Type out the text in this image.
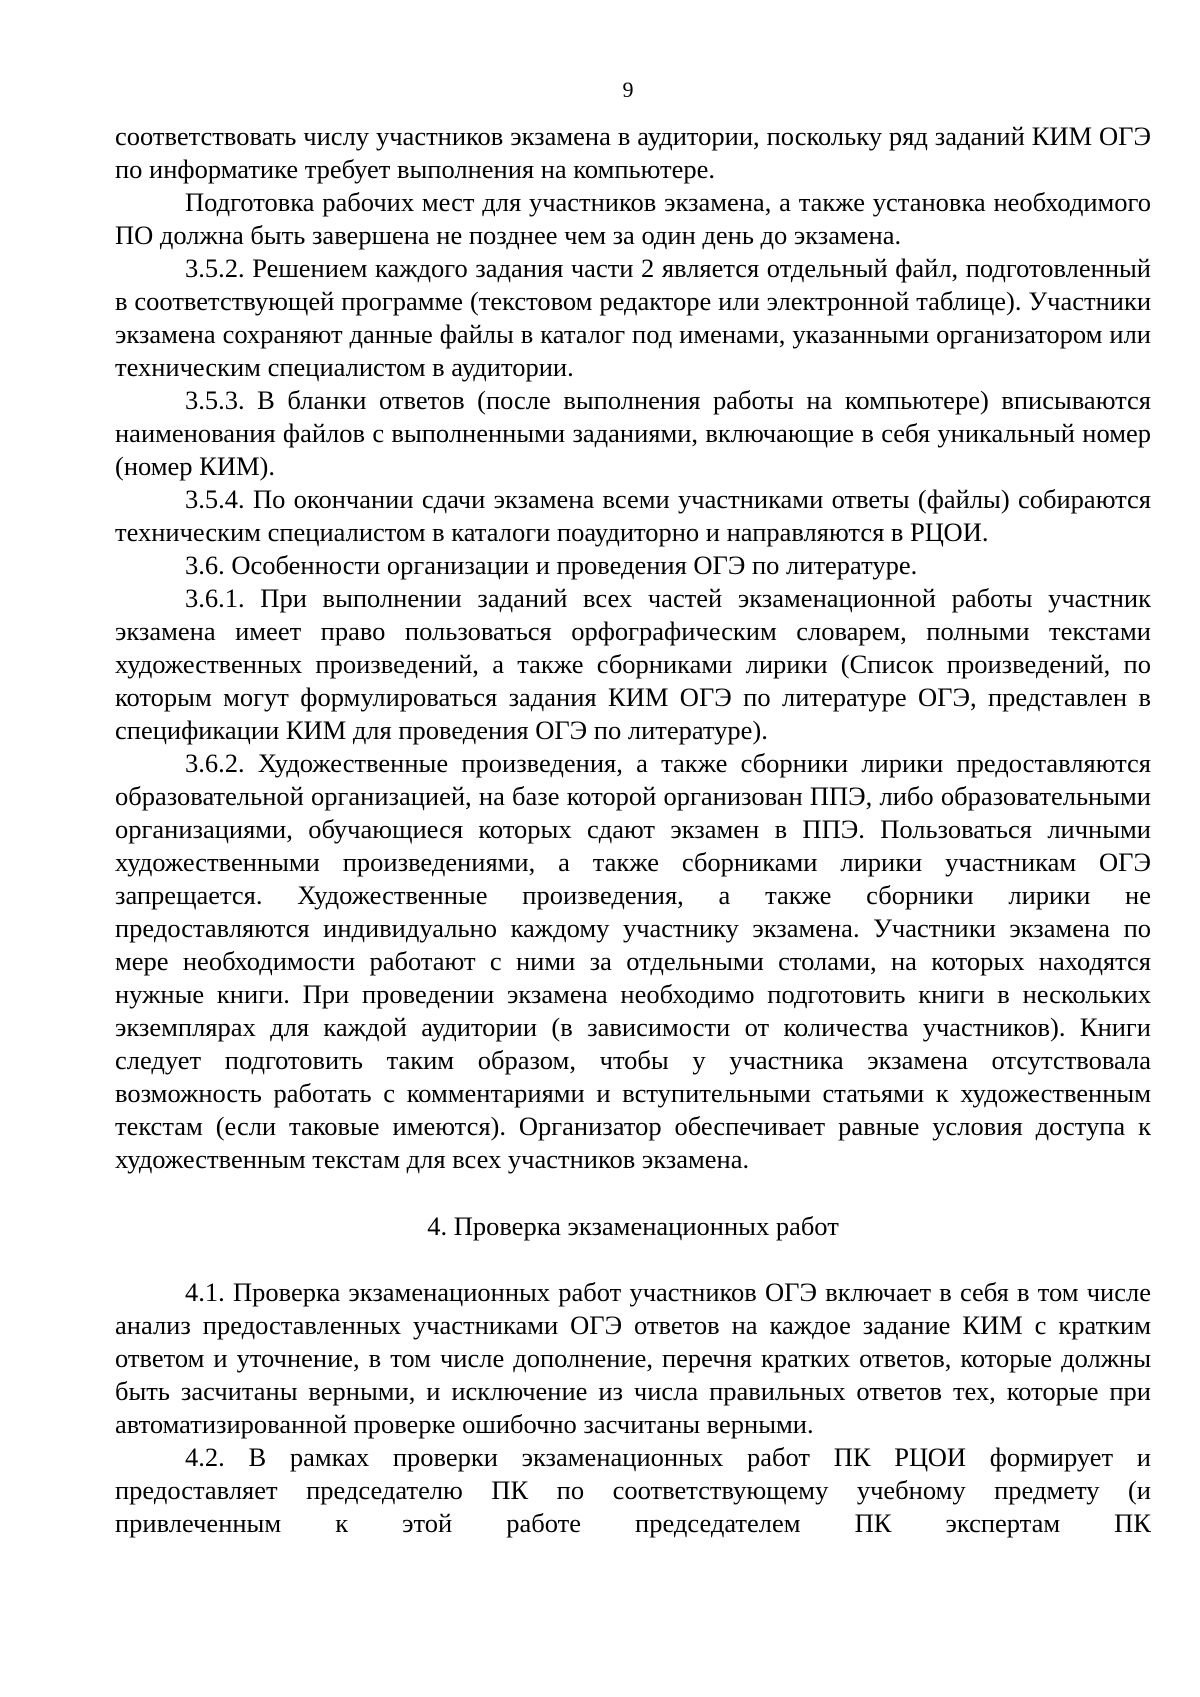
9

соответствовать числу участников экзамена в аудитории, поскольку ряд заданий КИМ ОГЭ по информатике требует выполнения на компьютере.

Подготовка рабочих мест для участников экзамена, а также установка необходимого ПО должна быть завершена не позднее чем за один день до экзамена.

3.5.2. Решением каждого задания части 2 является отдельный файл, подготовленный в соответствующей программе (текстовом редакторе или электронной таблице). Участники экзамена сохраняют данные файлы в каталог под именами, указанными организатором или техническим специалистом в аудитории.

3.5.3. В бланки ответов (после выполнения работы на компьютере) вписываются наименования файлов с выполненными заданиями, включающие в себя уникальный номер (номер КИМ).

3.5.4. По окончании сдачи экзамена всеми участниками ответы (файлы) собираются техническим специалистом в каталоги поаудиторно и направляются в РЦОИ.

3.6. Особенности организации и проведения ОГЭ по литературе.

3.6.1. При выполнении заданий всех частей экзаменационной работы участник экзамена имеет право пользоваться орфографическим словарем, полными текстами художественных произведений, а также сборниками лирики (Список произведений, по которым могут формулироваться задания КИМ ОГЭ по литературе ОГЭ, представлен в спецификации КИМ для проведения ОГЭ по литературе).

3.6.2. Художественные произведения, а также сборники лирики предоставляются образовательной организацией, на базе которой организован ППЭ, либо образовательными организациями, обучающиеся которых сдают экзамен в ППЭ. Пользоваться личными художественными произведениями, а также сборниками лирики участникам ОГЭ запрещается. Художественные произведения, а также сборники лирики не предоставляются индивидуально каждому участнику экзамена. Участники экзамена по мере необходимости работают с ними за отдельными столами, на которых находятся нужные книги. При проведении экзамена необходимо подготовить книги в нескольких экземплярах для каждой аудитории (в зависимости от количества участников). Книги следует подготовить таким образом, чтобы у участника экзамена отсутствовала возможность работать с комментариями и вступительными статьями к художественным текстам (если таковые имеются). Организатор обеспечивает равные условия доступа к художественным текстам для всех участников экзамена.

4. Проверка экзаменационных работ

4.1. Проверка экзаменационных работ участников ОГЭ включает в себя в том числе анализ предоставленных участниками ОГЭ ответов на каждое задание КИМ с кратким ответом и уточнение, в том числе дополнение, перечня кратких ответов, которые должны быть засчитаны верными, и исключение из числа правильных ответов тех, которые при автоматизированной проверке ошибочно засчитаны верными.

4.2. В рамках проверки экзаменационных работ ПК РЦОИ формирует и предоставляет председателю ПК по соответствующему учебному предмету (и привлеченным к этой работе председателем ПК экспертам ПК
